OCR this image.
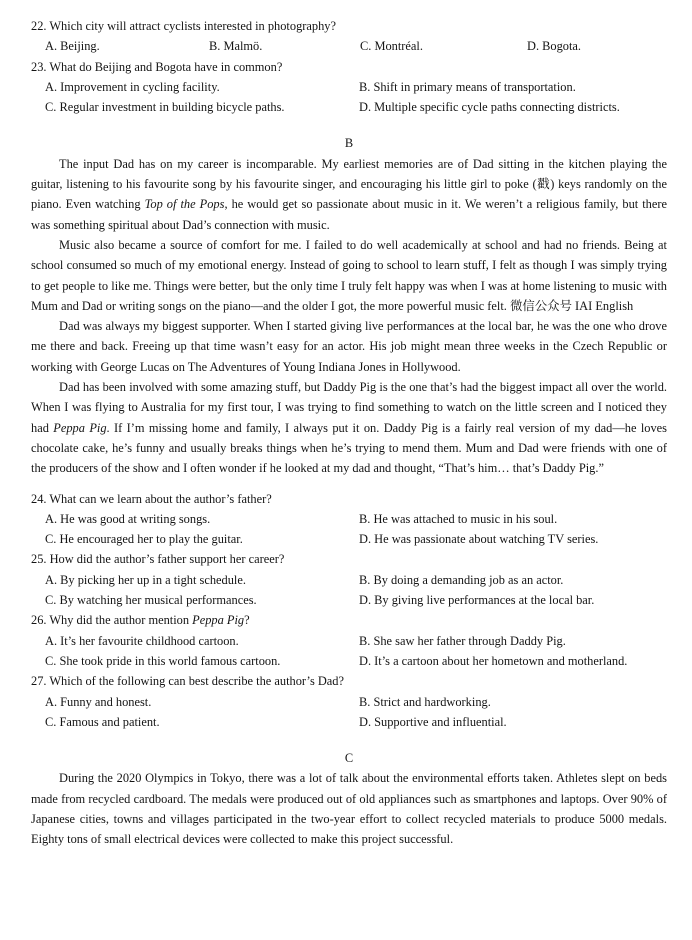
22. Which city will attract cyclists interested in photography?

A. Beijing.	B. Malmö.	C. Montréal.	D. Bogota.

23. What do Beijing and Bogota have in common?

A. Improvement in cycling facility.	B. Shift in primary means of transportation.
C. Regular investment in building bicycle paths.	D. Multiple specific cycle paths connecting districts.

B

The input Dad has on my career is incomparable. My earliest memories are of Dad sitting in the kitchen playing the guitar, listening to his favourite song by his favourite singer, and encouraging his little girl to poke (戳) keys randomly on the piano. Even watching Top of the Pops, he would get so passionate about music in it. We weren’t a religious family, but there was something spiritual about Dad’s connection with music.

Music also became a source of comfort for me. I failed to do well academically at school and had no friends. Being at school consumed so much of my emotional energy. Instead of going to school to learn stuff, I felt as though I was simply trying to get people to like me. Things were better, but the only time I truly felt happy was when I was at home listening to music with Mum and Dad or writing songs on the piano—and the older I got, the more powerful music felt. 微信公众号 IAI English

Dad was always my biggest supporter. When I started giving live performances at the local bar, he was the one who drove me there and back. Freeing up that time wasn’t easy for an actor. His job might mean three weeks in the Czech Republic or working with George Lucas on The Adventures of Young Indiana Jones in Hollywood.

Dad has been involved with some amazing stuff, but Daddy Pig is the one that’s had the biggest impact all over the world. When I was flying to Australia for my first tour, I was trying to find something to watch on the little screen and I noticed they had Peppa Pig. If I’m missing home and family, I always put it on. Daddy Pig is a fairly real version of my dad—he loves chocolate cake, he’s funny and usually breaks things when he’s trying to mend them. Mum and Dad were friends with one of the producers of the show and I often wonder if he looked at my dad and thought, “That’s him… that’s Daddy Pig.”

24. What can we learn about the author’s father?

A. He was good at writing songs.	B. He was attached to music in his soul.
C. He encouraged her to play the guitar.	D. He was passionate about watching TV series.

25. How did the author’s father support her career?

A. By picking her up in a tight schedule.	B. By doing a demanding job as an actor.
C. By watching her musical performances.	D. By giving live performances at the local bar.

26. Why did the author mention Peppa Pig?

A. It’s her favourite childhood cartoon.	B. She saw her father through Daddy Pig.
C. She took pride in this world famous cartoon.	D. It’s a cartoon about her hometown and motherland.

27. Which of the following can best describe the author’s Dad?

A. Funny and honest.	B. Strict and hardworking.
C. Famous and patient.	D. Supportive and influential.

C

During the 2020 Olympics in Tokyo, there was a lot of talk about the environmental efforts taken. Athletes slept on beds made from recycled cardboard. The medals were produced out of old appliances such as smartphones and laptops. Over 90% of Japanese cities, towns and villages participated in the two-year effort to collect recycled materials to produce 5000 medals. Eighty tons of small electrical devices were collected to make this project successful.
